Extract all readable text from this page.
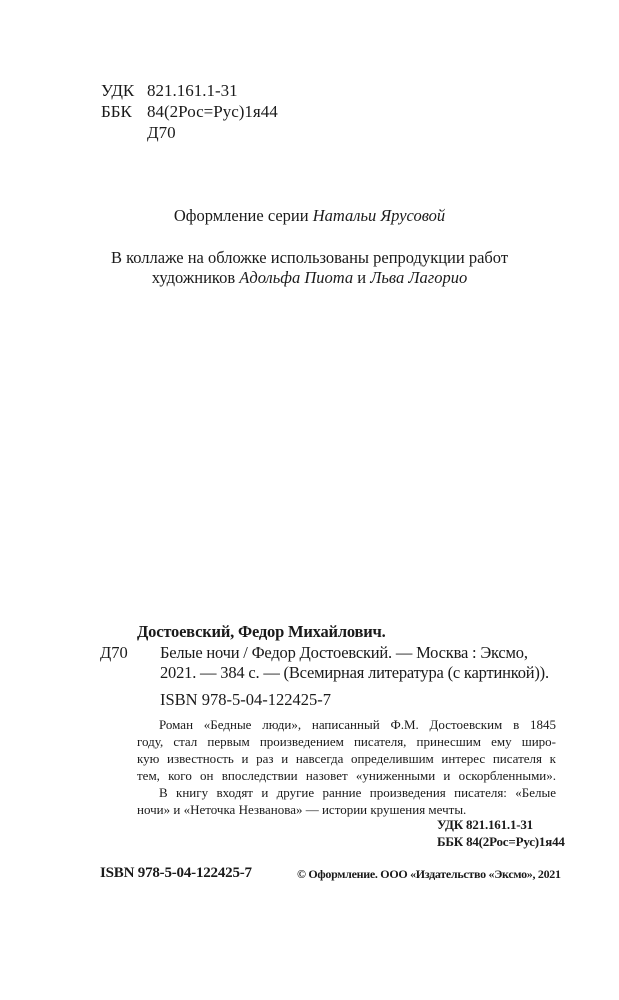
УДК 821.161.1-31
ББК 84(2Рос=Рус)1я44
Д70
Оформление серии Натальи Ярусовой
В коллаже на обложке использованы репродукции работ
художников Адольфа Пиота и Льва Лагорио
Достоевский, Федор Михайлович.
Д70 Белые ночи / Федор Достоевский. — Москва : Эксмо,
2021. — 384 с. — (Всемирная литература (с картинкой)).
ISBN 978-5-04-122425-7
Роман «Бедные люди», написанный Ф.М. Достоевским в 1845
году, стал первым произведением писателя, принесшим ему широ-
кую известность и раз и навсегда определившим интерес писателя к
тем, кого он впоследствии назовет «униженными и оскорбленными».
В книгу входят и другие ранние произведения писателя: «Белые
ночи» и «Неточка Незванова» — истории крушения мечты.
УДК 821.161.1-31
ББК 84(2Рос=Рус)1я44
ISBN 978-5-04-122425-7	© Оформление. ООО «Издательство «Эксмо», 2021
